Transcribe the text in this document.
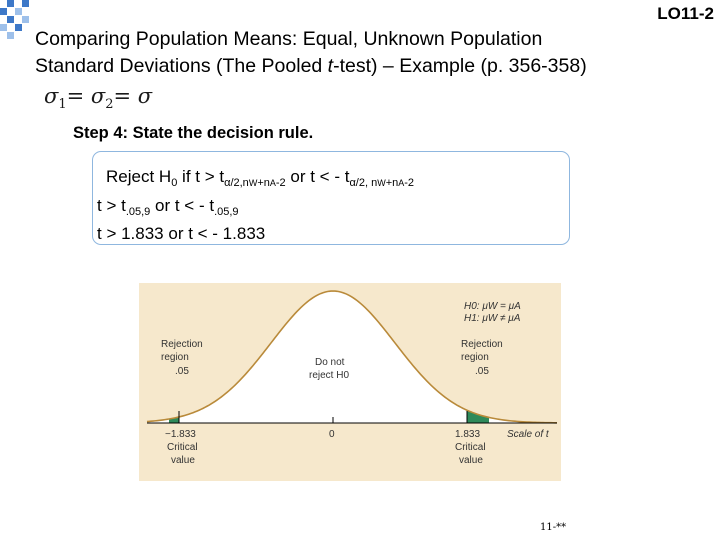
LO11-2
Comparing Population Means: Equal, Unknown Population
Standard Deviations (The Pooled t-test) – Example (p. 356-358)
$\sigma_1= \sigma_2= \sigma$
Step 4: State the decision rule.
Reject $H_0$ if $t > t_{\alpha/2,nW+nA-2}$ or t < - $t_{\alpha/2, nW+nA-2}$
$t > t_{.05,9}$ or t < - $t_{.05,9}$
t > 1.833 or t < - 1.833
H0: μW = μA
H1: μW ≠ μA
Rejection
region
.05
Rejection
region
.05
Do not
reject H0
0
−1.833
Critical
value
1.833
Critical
value
Scale of t
11-**
